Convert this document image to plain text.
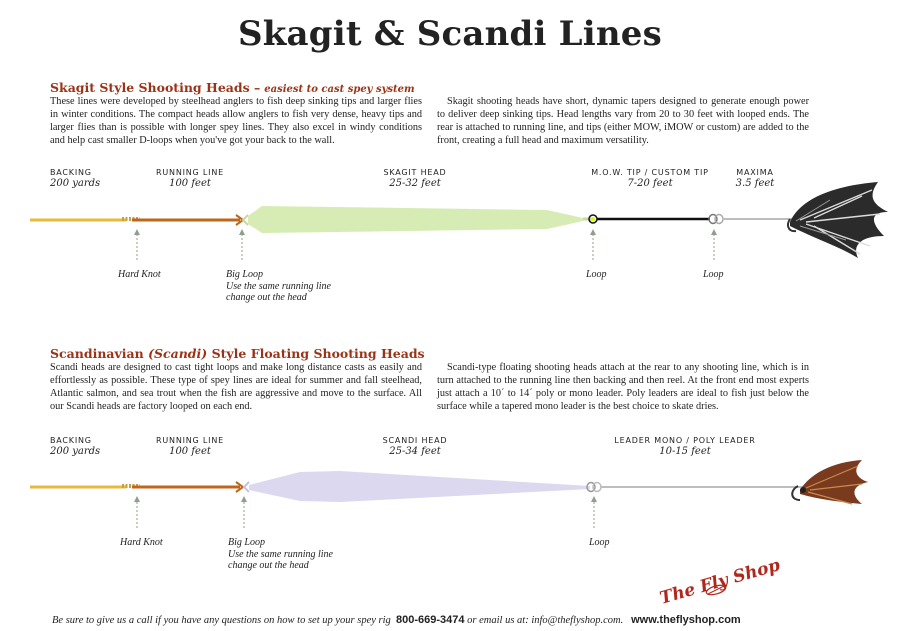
Skagit & Scandi Lines
Skagit Style Shooting Heads – easiest to cast spey system

These lines were developed by steelhead anglers to fish deep sinking tips and larger flies in winter conditions. The compact heads allow anglers to fish very dense, heavy tips and larger flies than is possible with longer spey lines. They also excel in windy conditions and help cast smaller D-loops when you've got your back to the wall.

Skagit shooting heads have short, dynamic tapers designed to generate enough power to deliver deep sinking tips. Head lengths vary from 20 to 30 feet with looped ends. The rear is attached to running line, and tips (either MOW, iMOW or custom) are added to the front, creating a full head and maximum versatility.

BACKING
200 yards
RUNNING LINE
100 feet
SKAGIT HEAD
25-32 feet
M.O.W. TIP / CUSTOM TIP
7-20 feet
MAXIMA
3.5 feet
Hard Knot	Big Loop
Use the same running line
change out the head
Loop	Loop
Scandinavian (Scandi) Style Floating Shooting Heads

Scandi heads are designed to cast tight loops and make long distance casts as easily and effortlessly as possible. These type of spey lines are ideal for summer and fall steelhead, Atlantic salmon, and sea trout when the fish are aggressive and move to the surface. All our Scandi heads are factory looped on each end.

Scandi-type floating shooting heads attach at the rear to any shooting line, which is in turn attached to the running line then backing and then reel. At the front end most experts just attach a 10´ to 14´ poly or mono leader. Poly leaders are ideal to fish just below the surface while a tapered mono leader is the best choice to skate dries.

BACKING
200 yards
RUNNING LINE
100 feet
SCANDI HEAD
25-34 feet
LEADER MONO / POLY LEADER
10-15 feet
Hard Knot	Big Loop
Use the same running line
change out the head
Loop
The Fly Shop
Be sure to give us a call if you have any questions on how to set up your spey rig 800-669-3474 or email us at: info@theflyshop.com. www.theflyshop.com
